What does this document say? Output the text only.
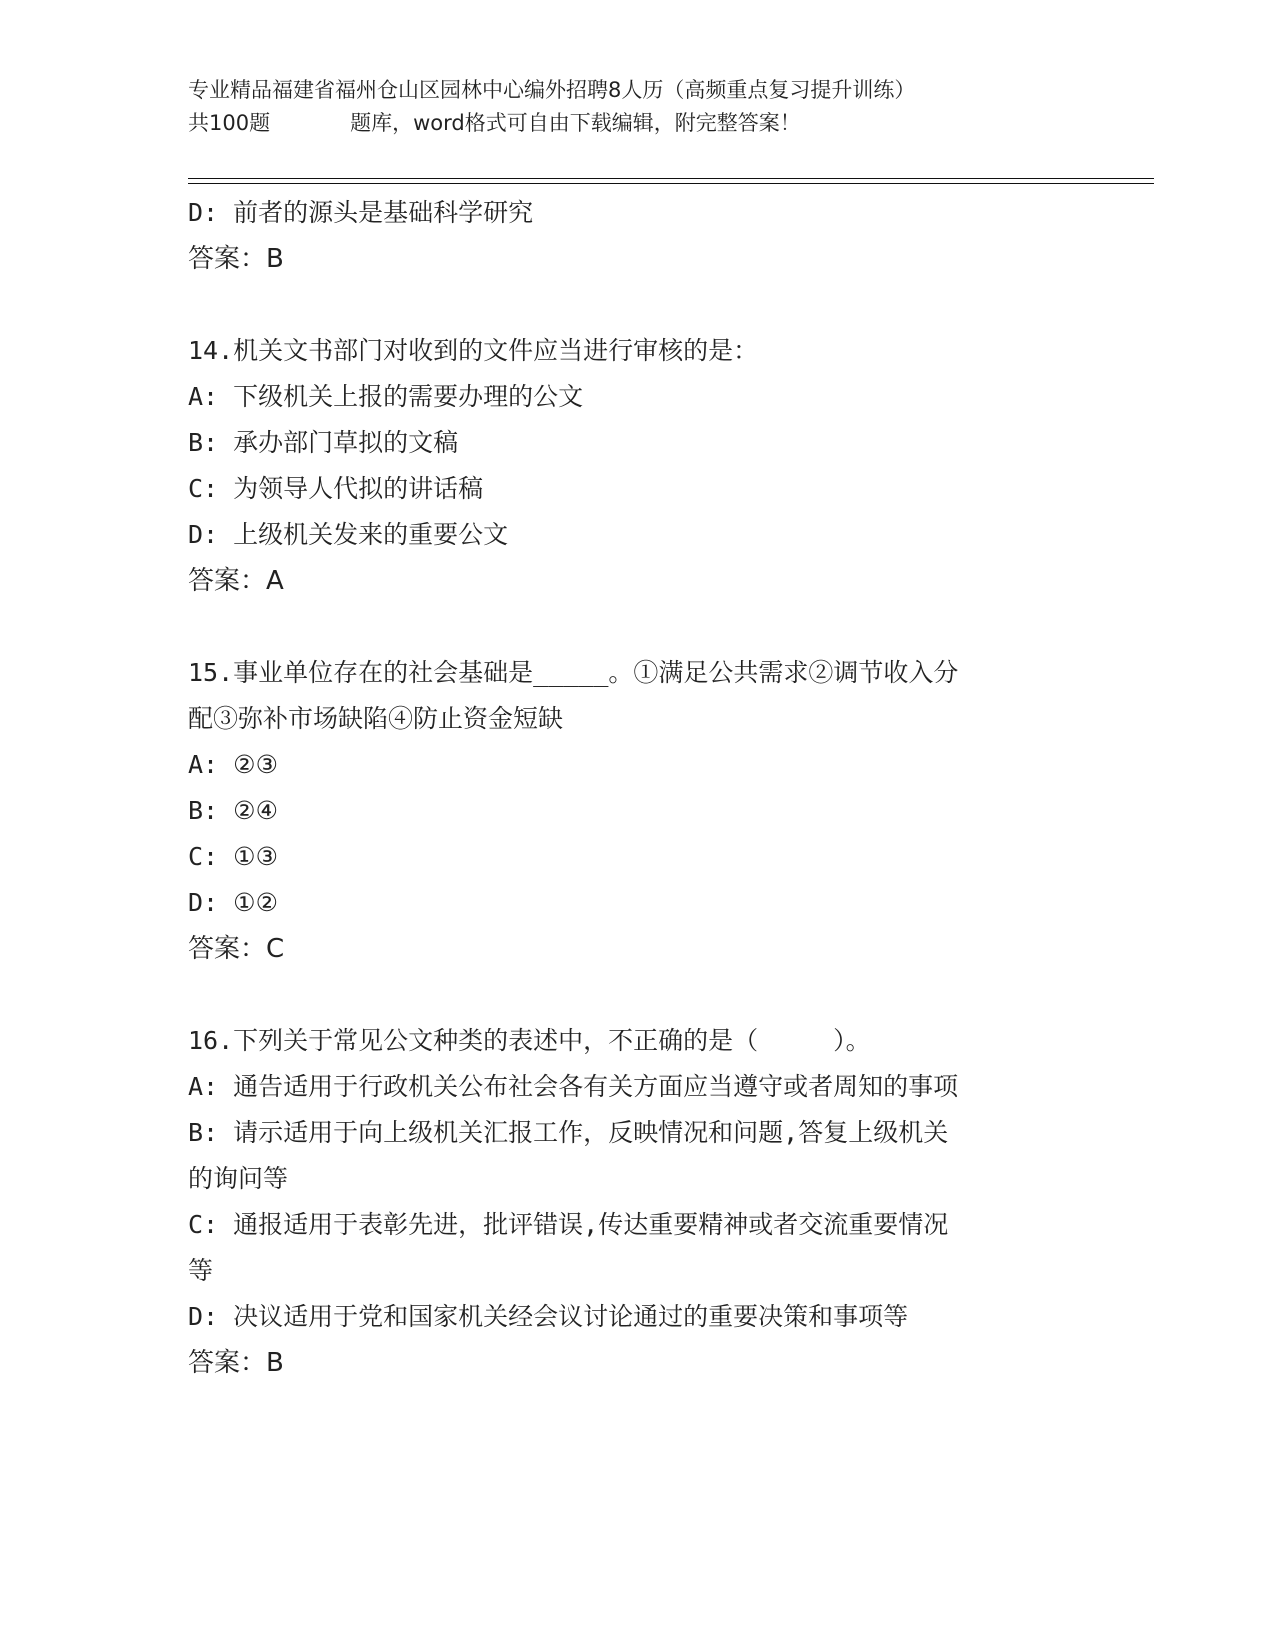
专业精品福建省福州仓山区园林中心编外招聘8人历（高频重点复习提升训练）
共100题	题库，word格式可自由下载编辑，附完整答案！
D: 前者的源头是基础科学研究
答案：B
14.机关文书部门对收到的文件应当进行审核的是：
A: 下级机关上报的需要办理的公文
B: 承办部门草拟的文稿
C: 为领导人代拟的讲话稿
D: 上级机关发来的重要公文
答案：A
15.事业单位存在的社会基础是_____。①满足公共需求②调节收入分
配③弥补市场缺陷④防止资金短缺
A: ②③
B: ②④
C: ①③
D: ①②
答案：C
16.下列关于常见公文种类的表述中，不正确的是（　　　）。
A: 通告适用于行政机关公布社会各有关方面应当遵守或者周知的事项
B: 请示适用于向上级机关汇报工作，反映情况和问题,答复上级机关
的询问等
C: 通报适用于表彰先进，批评错误,传达重要精神或者交流重要情况
等
D: 决议适用于党和国家机关经会议讨论通过的重要决策和事项等
答案：B
